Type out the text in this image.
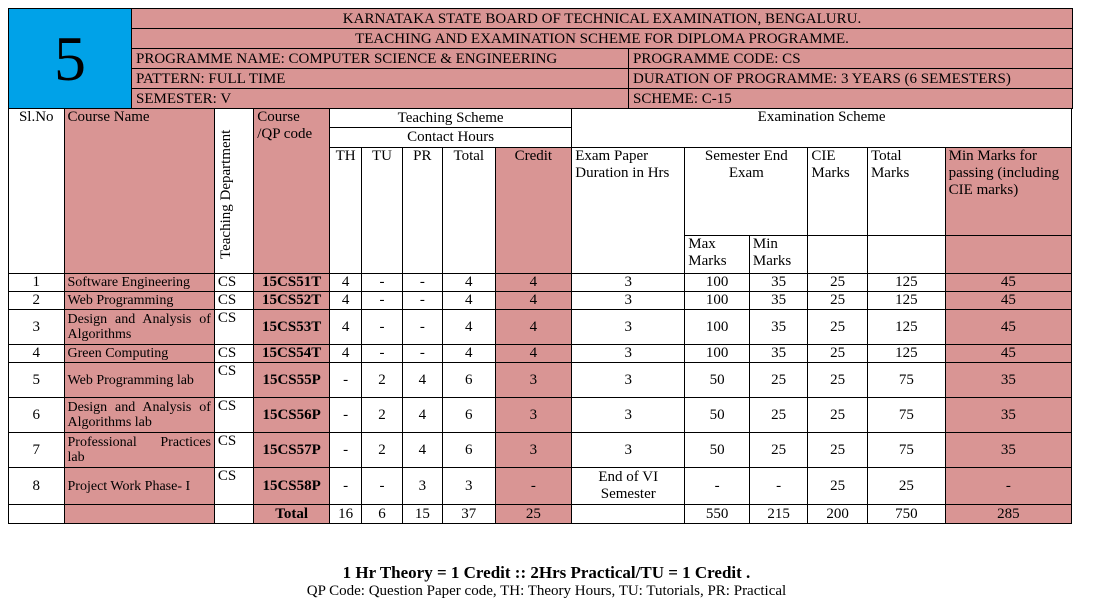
5	KARNATAKA STATE BOARD OF TECHNICAL EXAMINATION, BENGALURU.	
	TEACHING AND EXAMINATION SCHEME FOR DIPLOMA PROGRAMME.	
	PROGRAMME NAME: COMPUTER SCIENCE & ENGINEERING	PROGRAMME CODE: CS
	PATTERN: FULL TIME	DURATION OF PROGRAMME: 3 YEARS (6 SEMESTERS)
	SEMESTER: V	SCHEME: C-15
Sl.No	Course Name	Teaching Department	Course /QP code	Teaching Scheme					Examination Scheme					
				Contact Hours									
				TH	TU	PR	Total	Credit	Exam Paper Duration in Hrs	Semester End Exam		CIE Marks	Total Marks	Min Marks for passing (including CIE marks)

										Max Marks	Min Marks			
1	Software Engineering	CS	15CS51T	4	-	-	4	4	3	100	35	25	125	45
2	Web Programming	CS	15CS52T	4	-	-	4	4	3	100	35	25	125	45
3	Design and Analysis of Algorithms	CS	15CS53T	4	-	-	4	4	3	100	35	25	125	45
4	Green Computing	CS	15CS54T	4	-	-	4	4	3	100	35	25	125	45
5	Web Programming lab	CS	15CS55P	-	2	4	6	3	3	50	25	25	75	35
6	Design and Analysis of Algorithms lab	CS	15CS56P	-	2	4	6	3	3	50	25	25	75	35
7	Professional Practices lab	CS	15CS57P	-	2	4	6	3	3	50	25	25	75	35
8	Project Work Phase- I	CS	15CS58P	-	-	3	3	-	End of VI Semester	-	-	25	25	-
			Total	16	6	15	37	25		550	215	200	750	285
1 Hr Theory = 1 Credit :: 2Hrs Practical/TU = 1 Credit .
QP Code: Question Paper code, TH: Theory Hours, TU: Tutorials, PR: Practical
